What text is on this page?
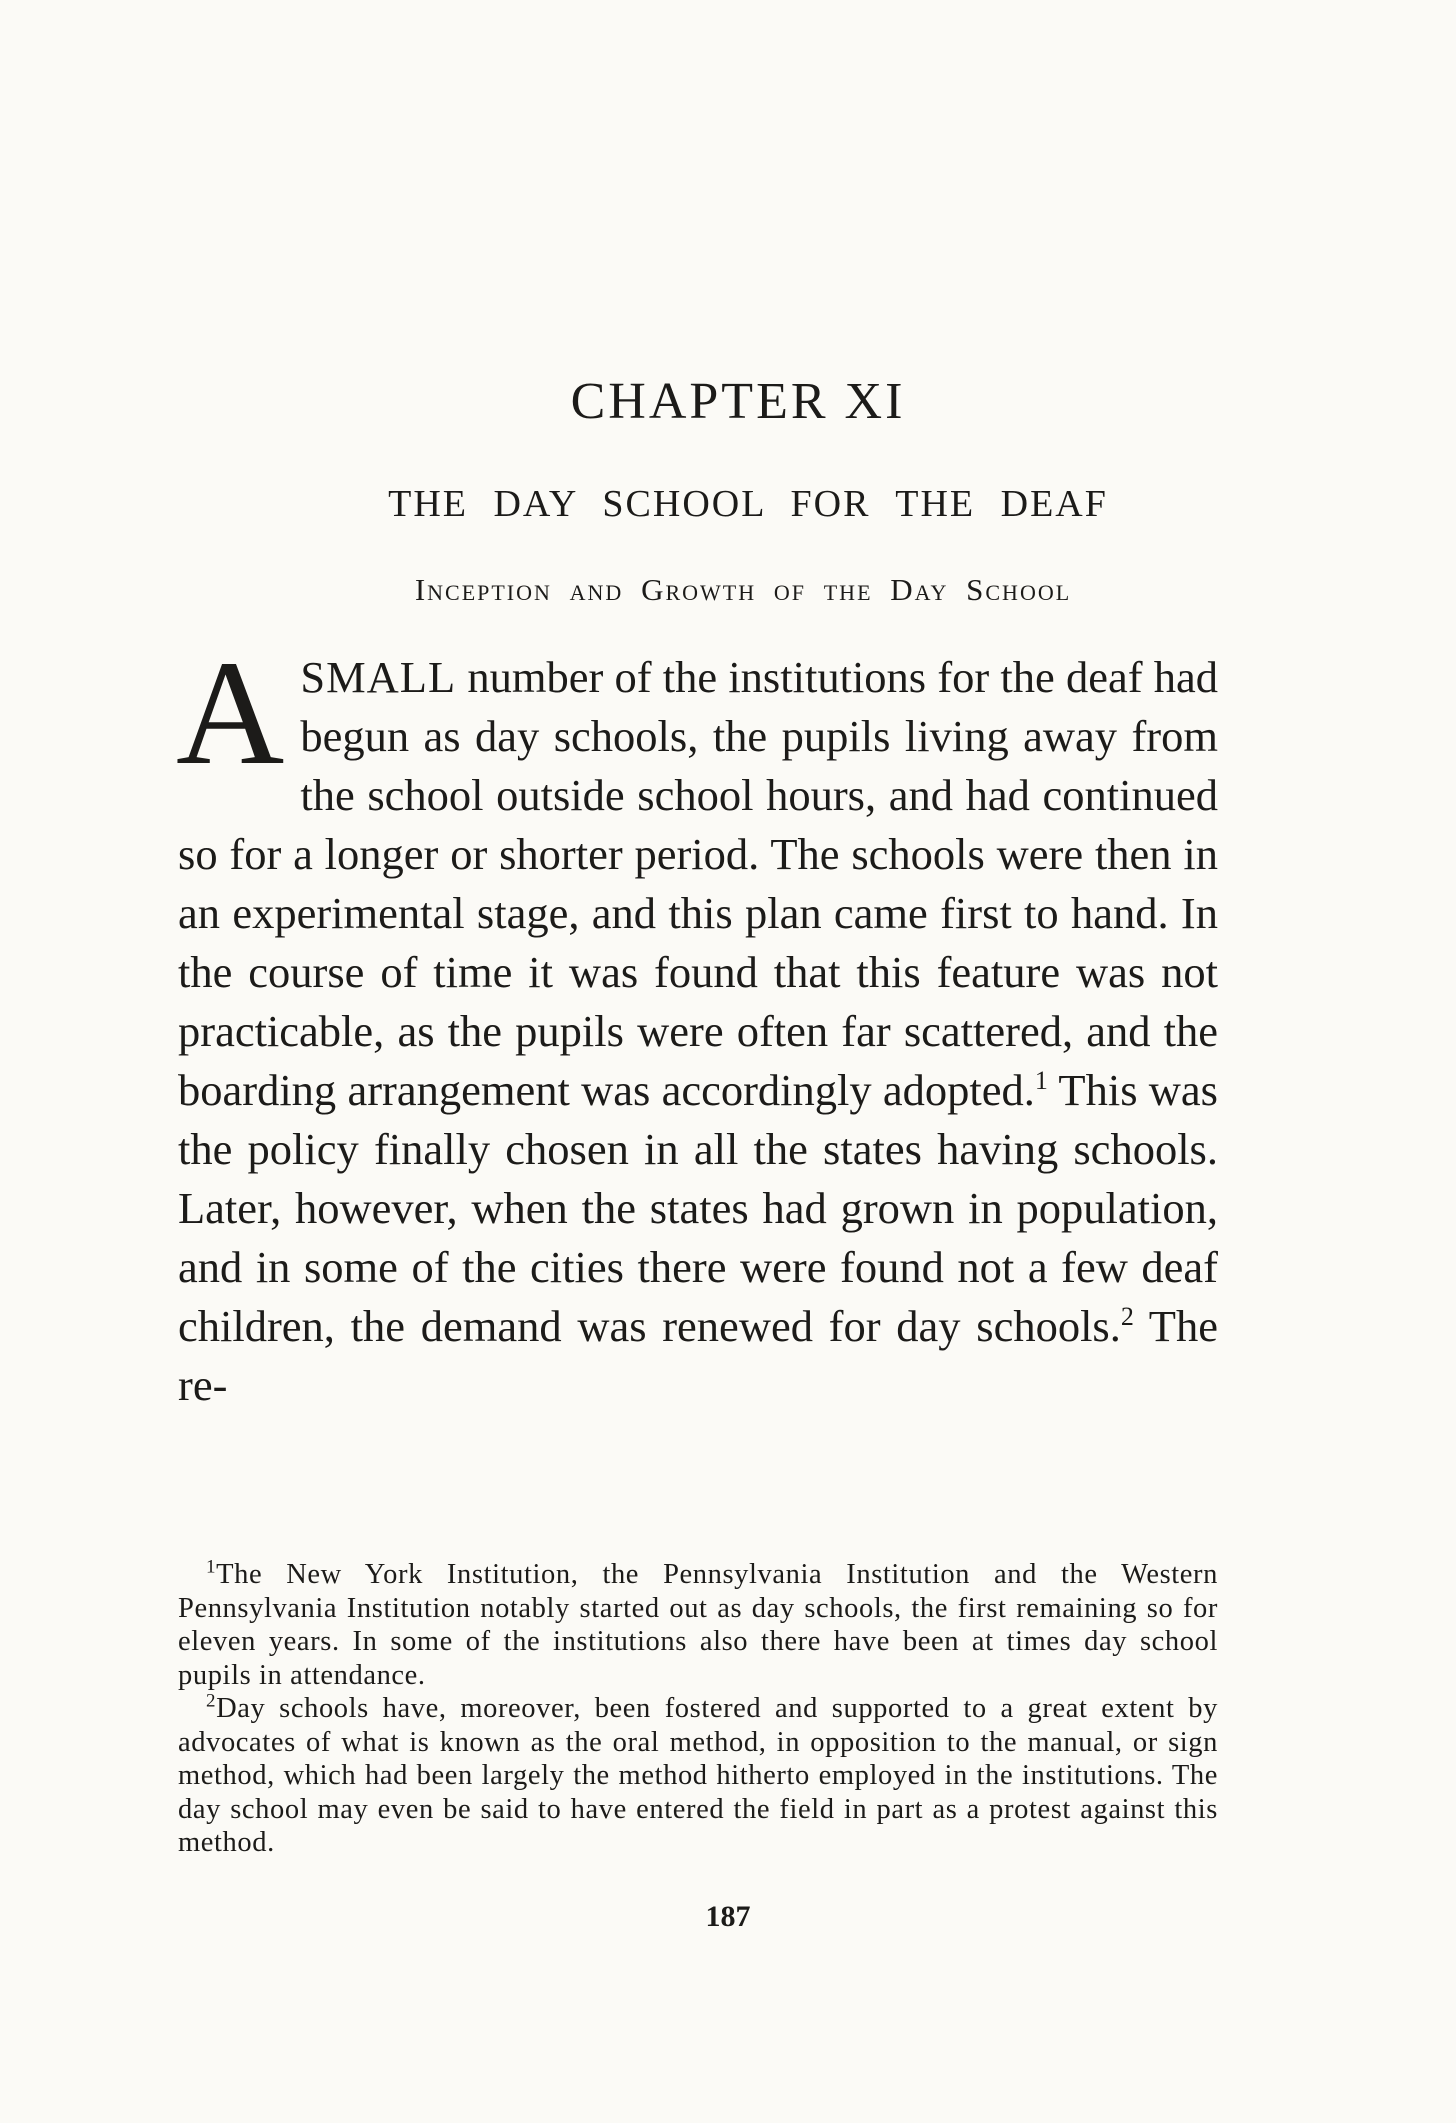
CHAPTER XI
THE DAY SCHOOL FOR THE DEAF
Inception and Growth of the Day School
ASMALL number of the institutions for the deaf had begun as day schools, the pupils living away from the school outside school hours, and had continued so for a longer or shorter period. The schools were then in an experimental stage, and this plan came first to hand. In the course of time it was found that this feature was not practicable, as the pupils were often far scattered, and the boarding arrangement was accordingly adopted.$^1$ This was the policy finally chosen in all the states having schools. Later, however, when the states had grown in population, and in some of the cities there were found not a few deaf children, the demand was renewed for day schools.$^2$ The re-

$^1$The New York Institution, the Pennsylvania Institution and the Western Pennsylvania Institution notably started out as day schools, the first remaining so for eleven years. In some of the institutions also there have been at times day school pupils in attendance.

$^2$Day schools have, moreover, been fostered and supported to a great extent by advocates of what is known as the oral method, in opposition to the manual, or sign method, which had been largely the method hitherto employed in the institutions. The day school may even be said to have entered the field in part as a protest against this method.

187
